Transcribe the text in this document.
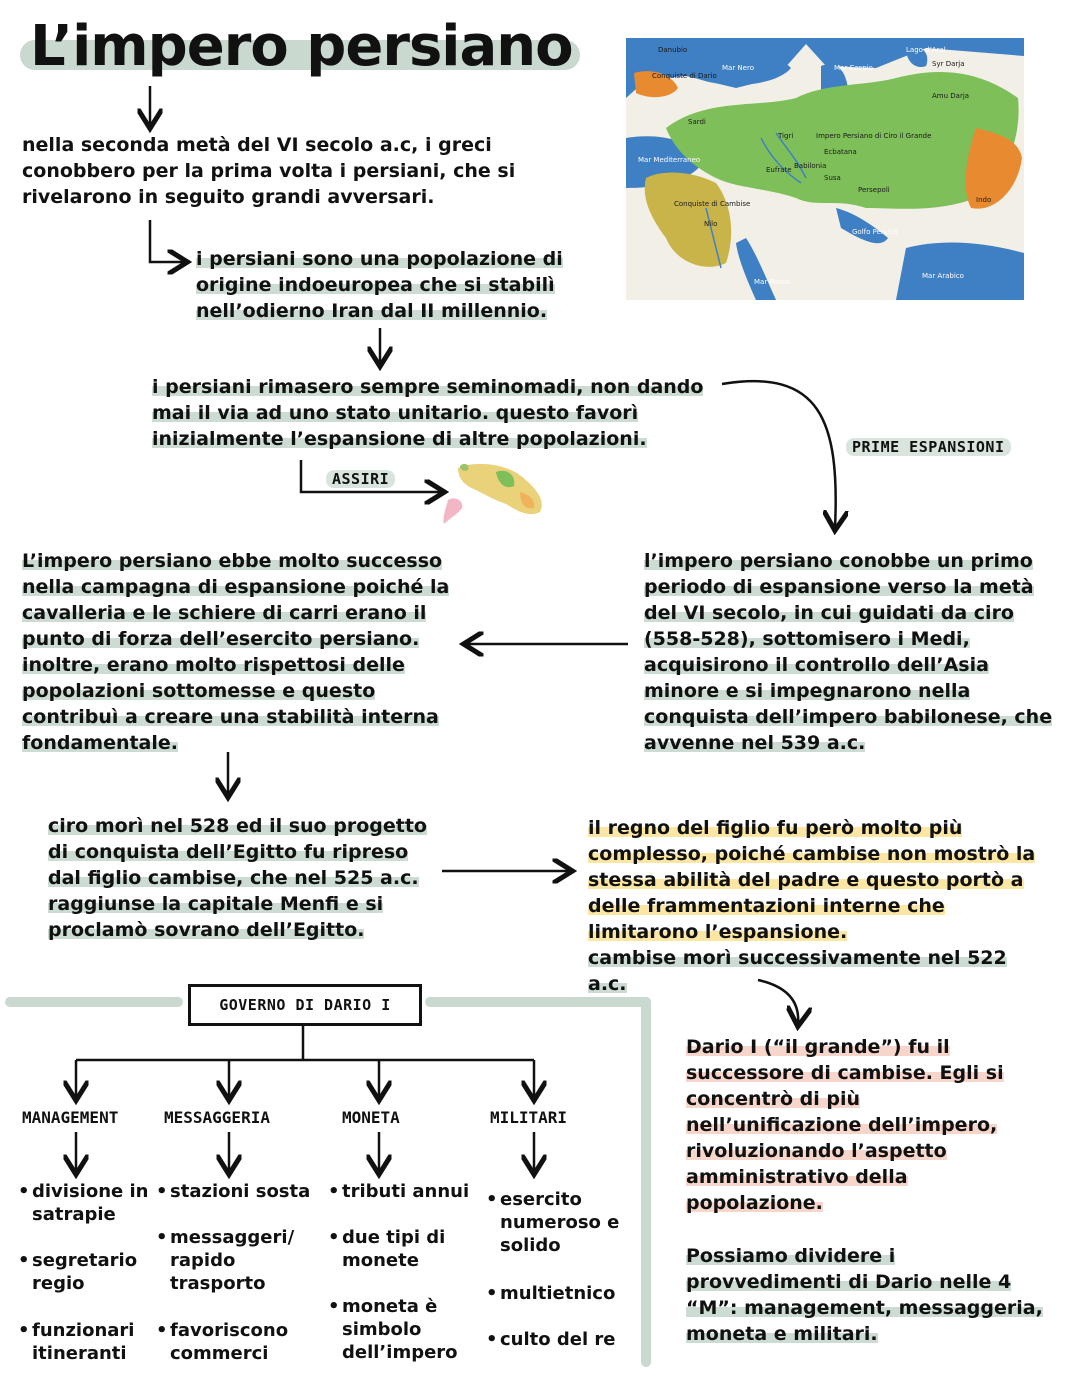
L’impero persiano	Danubio
Mar Nero	Mar Caspio
Lago d’Aral
Syr Darja
Amu Darja
Conquiste di Dario
Sardi
Tigri	Impero Persiano di Ciro il Grande
Ecbatana
Mar Mediterraneo
Eufrate Babilonia
Susa
Persepoli
Conquiste di Cambise
Nilo
Golfo Persico
Indo
Mar Rosso
Mar Arabico
nella seconda metà del VI secolo a.c, i greci conobbero per la prima volta i persiani, che si rivelarono in seguito grandi avversari.
i persiani sono una popolazione di origine indoeuropea che si stabilì nell’odierno Iran dal II millennio.
i persiani rimasero sempre seminomadi, non dando mai il via ad uno stato unitario. questo favorì inizialmente l’espansione di altre popolazioni.
ASSIRI
PRIME ESPANSIONI
L’impero persiano ebbe molto successo nella campagna di espansione poiché la cavalleria e le schiere di carri erano il punto di forza dell’esercito persiano. inoltre, erano molto rispettosi delle popolazioni sottomesse e questo contribuì a creare una stabilità interna fondamentale.
l’impero persiano conobbe un primo periodo di espansione verso la metà del VI secolo, in cui guidati da ciro (558-528), sottomisero i Medi, acquisirono il controllo dell’Asia minore e si impegnarono nella conquista dell’impero babilonese, che avvenne nel 539 a.c.
ciro morì nel 528 ed il suo progetto di conquista dell’Egitto fu ripreso dal figlio cambise, che nel 525 a.c. raggiunse la capitale Menfi e si proclamò sovrano dell’Egitto.
il regno del figlio fu però molto più complesso, poiché cambise non mostrò la stessa abilità del padre e questo portò a delle frammentazioni interne che limitarono l’espansione.
cambise morì successivamente nel 522 a.c.
GOVERNO DI DARIO I
MANAGEMENT	MESSAGGERIA	MONETA	MILITARI
• divisione in satrapie
• segretario regio
• funzionari itineranti
• stazioni sosta
• messaggeri/ rapido trasporto
• favoriscono commerci
• tributi annui
• due tipi di monete
• moneta è simbolo dell’impero
• esercito numeroso e solido
• multietnico
• culto del re
Dario I (“il grande”) fu il successore di cambise. Egli si concentrò di più nell’unificazione dell’impero, rivoluzionando l’aspetto amministrativo della popolazione.
Possiamo dividere i provvedimenti di Dario nelle 4 “M”: management, messaggeria, moneta e militari.
